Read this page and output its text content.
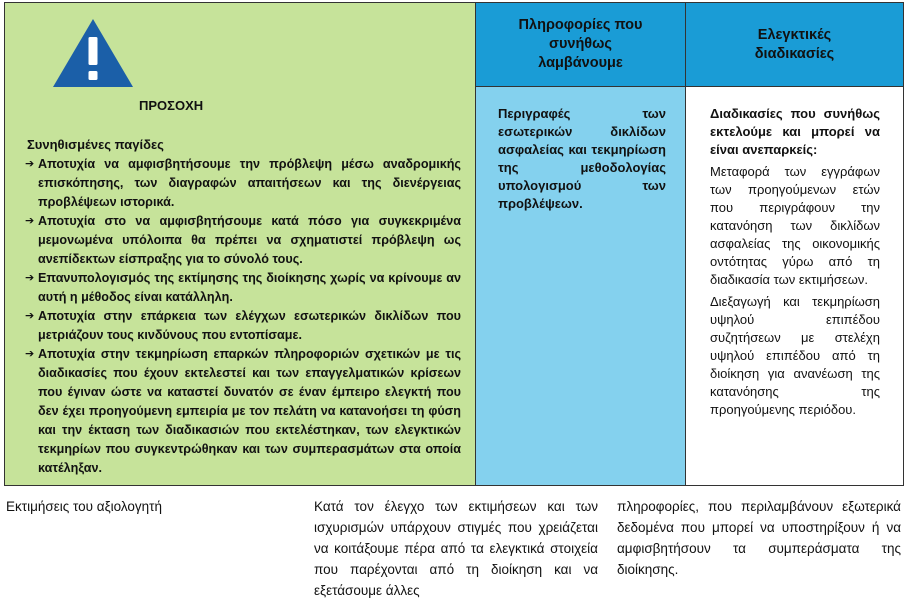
ΠΡΟΣΟΧΗ
Συνηθισμένες παγίδες
➔ Αποτυχία να αμφισβητήσουμε την πρόβλεψη μέσω αναδρομικής επισκόπησης, των διαγραφών απαιτήσεων και της διενέργειας προβλέψεων ιστορικά.
➔ Αποτυχία στο να αμφισβητήσουμε κατά πόσο για συγκεκριμένα μεμονωμένα υπόλοιπα θα πρέπει να σχηματιστεί πρόβλεψη ως ανεπίδεκτων είσπραξης για το σύνολό τους.
➔ Επανυπολογισμός της εκτίμησης της διοίκησης χωρίς να κρίνουμε αν αυτή η μέθοδος είναι κατάλληλη.
➔ Αποτυχία στην επάρκεια των ελέγχων εσωτερικών δικλίδων που μετριάζουν τους κινδύνους που εντοπίσαμε.
➔ Αποτυχία στην τεκμηρίωση επαρκών πληροφοριών σχετικών με τις διαδικασίες που έχουν εκτελεστεί και των επαγγελματικών κρίσεων που έγιναν ώστε να καταστεί δυνατόν σε έναν έμπειρο ελεγκτή που δεν έχει προηγούμενη εμπειρία με τον πελάτη να κατανοήσει τη φύση και την έκταση των διαδικασιών που εκτελέστηκαν, των ελεγκτικών τεκμηρίων που συγκεντρώθηκαν και των συμπερασμάτων στα οποία κατέληξαν.
Πληροφορίες που συνήθως λαμβάνουμε
Περιγραφές των εσωτερικών δικλίδων ασφαλείας και τεκμηρίωση της μεθοδολογίας υπολογισμού των προβλέψεων.
Ελεγκτικές διαδικασίες

Διαδικασίες που συνήθως εκτελούμε και μπορεί να είναι ανεπαρκείς:

Μεταφορά των εγγράφων των προηγούμενων ετών που περιγράφουν την κατανόηση των δικλίδων ασφαλείας της οικονομικής οντότητας γύρω από τη διαδικασία των εκτιμήσεων.

Διεξαγωγή και τεκμηρίωση υψηλού επιπέδου συζητήσεων με στελέχη υψηλού επιπέδου από τη διοίκηση για ανανέωση της κατανόησης της προηγούμενης περιόδου.

Εκτιμήσεις του αξιολογητή	Κατά τον έλεγχο των εκτιμήσεων και των ισχυρισμών υπάρχουν στιγμές που χρειάζεται να κοιτάξουμε πέρα από τα ελεγκτικά στοιχεία που παρέχονται από τη διοίκηση και να εξετάσουμε άλλες
πληροφορίες, που περιλαμβάνουν εξωτερικά δεδομένα που μπορεί να υποστηρίξουν ή να αμφισβητήσουν τα συμπεράσματα της διοίκησης.
